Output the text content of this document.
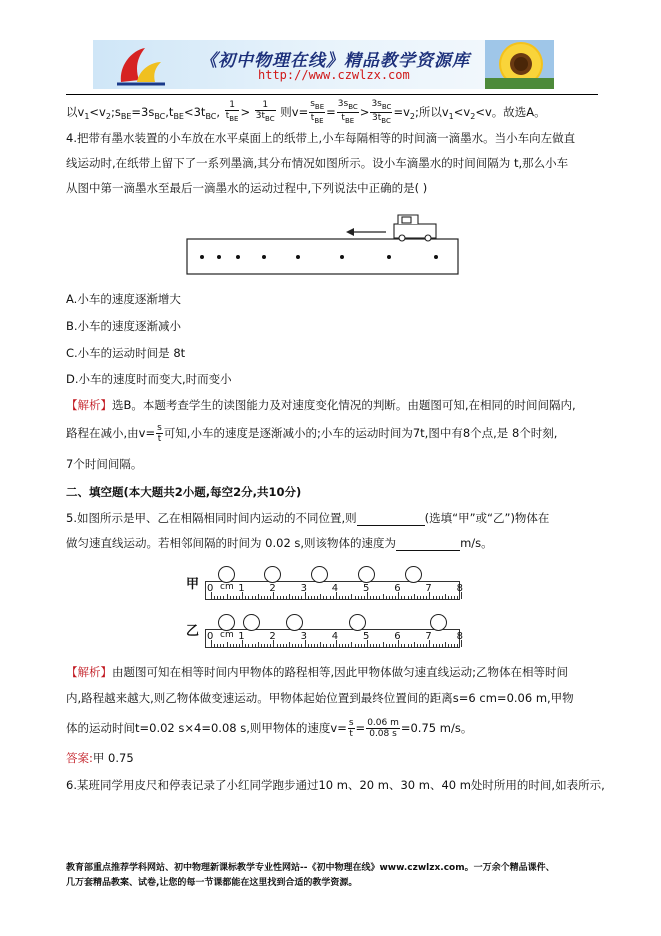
《初中物理在线》精品教学资源库
http://www.czwlzx.com
以$v_1<v_2;s_{BE}=3s_{BC},t_{BE}<3t_{BC}$, $\frac{1}{t_{BE}} > \frac{1}{3t_{BC}}$ 则$v= \frac{s_{BE}}{t_{BE}} = \frac{3s_{BC}}{t_{BE}} > \frac{3s_{BC}}{3t_{BC}} =v_2$;所以$v_1<v_2<v$。故选A。
4.把带有墨水装置的小车放在水平桌面上的纸带上,小车每隔相等的时间滴一滴墨水。当小车向左做直
线运动时,在纸带上留下了一系列墨滴,其分布情况如图所示。设小车滴墨水的时间间隔为 t,那么小车
从图中第一滴墨水至最后一滴墨水的运动过程中,下列说法中正确的是( )
A.小车的速度逐渐增大
B.小车的速度逐渐减小
C.小车的运动时间是 8t
D.小车的速度时而变大,时而变小
【解析】选B。本题考查学生的读图能力及对速度变化情况的判断。由题图可知,在相同的时间间隔内,
路程在减小,由$v= \frac{s}{t}$ 可知,小车的速度是逐渐减小的;小车的运动时间为7t,图中有8个点,是 8个时刻,
7个时间间隔。
二、填空题(本大题共2小题,每空2分,共10分)
5.如图所示是甲、乙在相隔相同时间内运动的不同位置,则	(选填“甲”或“乙”)物体在
做匀速直线运动。若相邻间隔的时间为 0.02 s,则该物体的速度为	m/s。
甲
乙
0 1 2 3 4 5 6 7 8
cm
0 1 2 3 4 5 6 7 8
cm
【解析】由题图可知在相等时间内甲物体的路程相等,因此甲物体做匀速直线运动;乙物体在相等时间
内,路程越来越大,则乙物体做变速运动。甲物体起始位置到最终位置间的距离s=6 cm=0.06 m,甲物
体的运动时间t=0.02 s×4=0.08 s,则甲物体的速度$v= \frac{s}{t} = \frac{0.06 m}{0.08 s} =0.75$ m/s。
答案:甲 0.75
6.某班同学用皮尺和停表记录了小红同学跑步通过10 m、20 m、30 m、40 m处时所用的时间,如表所示,
教育部重点推荐学科网站、初中物理新课标教学专业性网站--《初中物理在线》www.czwlzx.com。一万余个精品课件、
几万套精品教案、试卷,让您的每一节课都能在这里找到合适的教学资源。
